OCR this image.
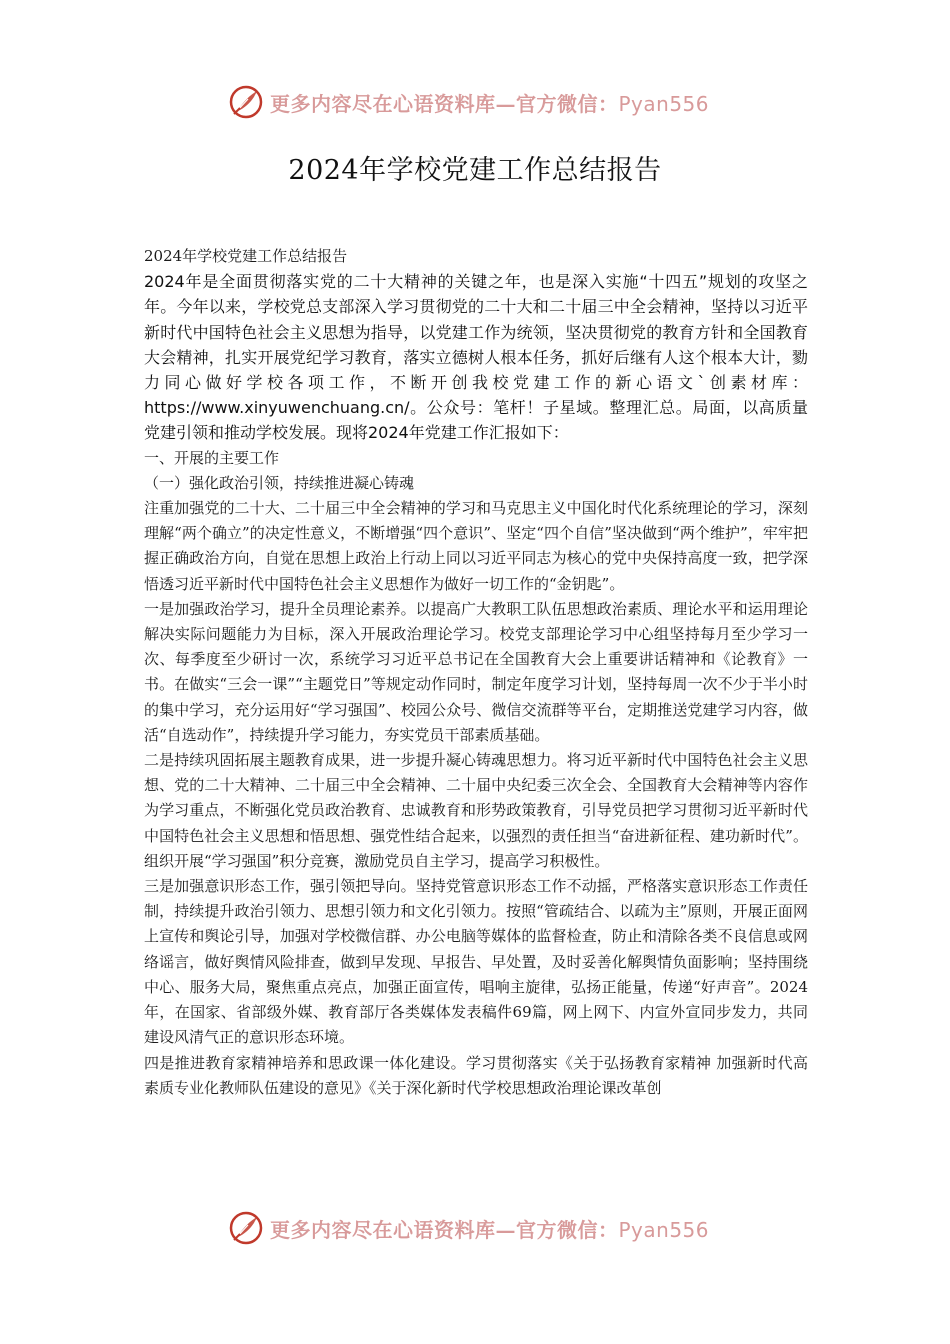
更多内容尽在心语资料库—官方微信：Pyan556
2024年学校党建工作总结报告

2024年学校党建工作总结报告

2024年是全面贯彻落实党的二十大精神的关键之年，也是深入实施“十四五”规划的攻坚之年。今年以来，学校党总支部深入学习贯彻党的二十大和二十届三中全会精神，坚持以习近平新时代中国特色社会主义思想为指导，以党建工作为统领，坚决贯彻党的教育方针和全国教育大会精神，扎实开展党纪学习教育，落实立德树人根本任务，抓好后继有人这个根本大计，勠力同心做好学校各项工作，不断开创我校党建工作的新心语文`创素材库：https://www.xinyuwenchuang.cn/。公众号：笔杆！子星域。整理汇总。局面，以高质量党建引领和推动学校发展。现将2024年党建工作汇报如下：

一、开展的主要工作

（一）强化政治引领，持续推进凝心铸魂

注重加强党的二十大、二十届三中全会精神的学习和马克思主义中国化时代化系统理论的学习，深刻理解“两个确立”的决定性意义，不断增强“四个意识”、坚定“四个自信”坚决做到“两个维护”，牢牢把握正确政治方向，自觉在思想上政治上行动上同以习近平同志为核心的党中央保持高度一致，把学深悟透习近平新时代中国特色社会主义思想作为做好一切工作的“金钥匙”。

一是加强政治学习，提升全员理论素养。以提高广大教职工队伍思想政治素质、理论水平和运用理论解决实际问题能力为目标，深入开展政治理论学习。校党支部理论学习中心组坚持每月至少学习一次、每季度至少研讨一次，系统学习习近平总书记在全国教育大会上重要讲话精神和《论教育》一书。在做实“三会一课”“主题党日”等规定动作同时，制定年度学习计划，坚持每周一次不少于半小时的集中学习，充分运用好“学习强国”、校园公众号、微信交流群等平台，定期推送党建学习内容，做活“自选动作”，持续提升学习能力，夯实党员干部素质基础。

二是持续巩固拓展主题教育成果，进一步提升凝心铸魂思想力。将习近平新时代中国特色社会主义思想、党的二十大精神、二十届三中全会精神、二十届中央纪委三次全会、全国教育大会精神等内容作为学习重点，不断强化党员政治教育、忠诚教育和形势政策教育，引导党员把学习贯彻习近平新时代中国特色社会主义思想和悟思想、强党性结合起来，以强烈的责任担当“奋进新征程、建功新时代”。组织开展“学习强国”积分竞赛，激励党员自主学习，提高学习积极性。

三是加强意识形态工作，强引领把导向。坚持党管意识形态工作不动摇，严格落实意识形态工作责任制，持续提升政治引领力、思想引领力和文化引领力。按照“管疏结合、以疏为主”原则，开展正面网上宣传和舆论引导，加强对学校微信群、办公电脑等媒体的监督检查，防止和清除各类不良信息或网络谣言，做好舆情风险排查，做到早发现、早报告、早处置，及时妥善化解舆情负面影响；坚持围绕中心、服务大局，聚焦重点亮点，加强正面宣传，唱响主旋律，弘扬正能量，传递“好声音”。2024年，在国家、省部级外媒、教育部厅各类媒体发表稿件69篇，网上网下、内宣外宣同步发力，共同建设风清气正的意识形态环境。

四是推进教育家精神培养和思政课一体化建设。学习贯彻落实《关于弘扬教育家精神 加强新时代高素质专业化教师队伍建设的意见》《关于深化新时代学校思想政治理论课改革创

更多内容尽在心语资料库—官方微信：Pyan556
